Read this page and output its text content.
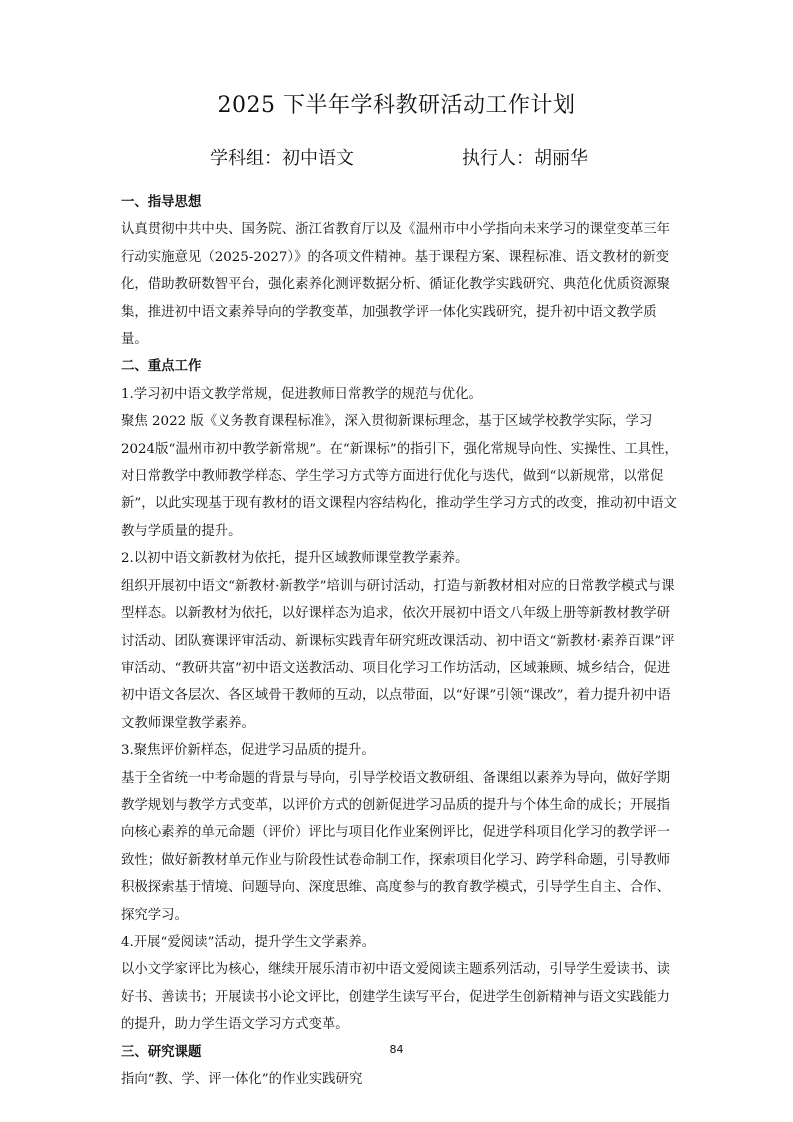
2025 下半年学科教研活动工作计划
学科组：初中语文	执行人：胡丽华
一、指导思想

认真贯彻中共中央、国务院、浙江省教育厅以及《温州市中小学指向未来学习的课堂变革三年行动实施意见（2025-2027）》的各项文件精神。基于课程方案、课程标准、语文教材的新变化，借助教研数智平台，强化素养化测评数据分析、循证化教学实践研究、典范化优质资源聚集，推进初中语文素养导向的学教变革，加强教学评一体化实践研究，提升初中语文教学质量。

二、重点工作

1.学习初中语文教学常规，促进教师日常教学的规范与优化。

聚焦 2022 版《义务教育课程标准》，深入贯彻新课标理念，基于区域学校教学实际，学习 2024版“温州市初中教学新常规”。在“新课标”的指引下，强化常规导向性、实操性、工具性，对日常教学中教师教学样态、学生学习方式等方面进行优化与迭代，做到“以新规常，以常促新”，以此实现基于现有教材的语文课程内容结构化，推动学生学习方式的改变，推动初中语文教与学质量的提升。

2.以初中语文新教材为依托，提升区域教师课堂教学素养。

组织开展初中语文“新教材·新教学”培训与研讨活动，打造与新教材相对应的日常教学模式与课型样态。以新教材为依托，以好课样态为追求，依次开展初中语文八年级上册等新教材教学研讨活动、团队赛课评审活动、新课标实践青年研究班改课活动、初中语文“新教材·素养百课”评审活动、“教研共富”初中语文送教活动、项目化学习工作坊活动，区域兼顾、城乡结合，促进初中语文各层次、各区域骨干教师的互动，以点带面，以“好课”引领“课改”，着力提升初中语文教师课堂教学素养。

3.聚焦评价新样态，促进学习品质的提升。

基于全省统一中考命题的背景与导向，引导学校语文教研组、备课组以素养为导向，做好学期教学规划与教学方式变革，以评价方式的创新促进学习品质的提升与个体生命的成长；开展指向核心素养的单元命题（评价）评比与项目化作业案例评比，促进学科项目化学习的教学评一致性；做好新教材单元作业与阶段性试卷命制工作，探索项目化学习、跨学科命题，引导教师积极探索基于情境、问题导向、深度思维、高度参与的教育教学模式，引导学生自主、合作、探究学习。

4.开展“爱阅读”活动，提升学生文学素养。

以小文学家评比为核心，继续开展乐清市初中语文爱阅读主题系列活动，引导学生爱读书、读好书、善读书；开展读书小论文评比，创建学生读写平台，促进学生创新精神与语文实践能力的提升，助力学生语文学习方式变革。

三、研究课题

指向“教、学、评一体化”的作业实践研究

84
